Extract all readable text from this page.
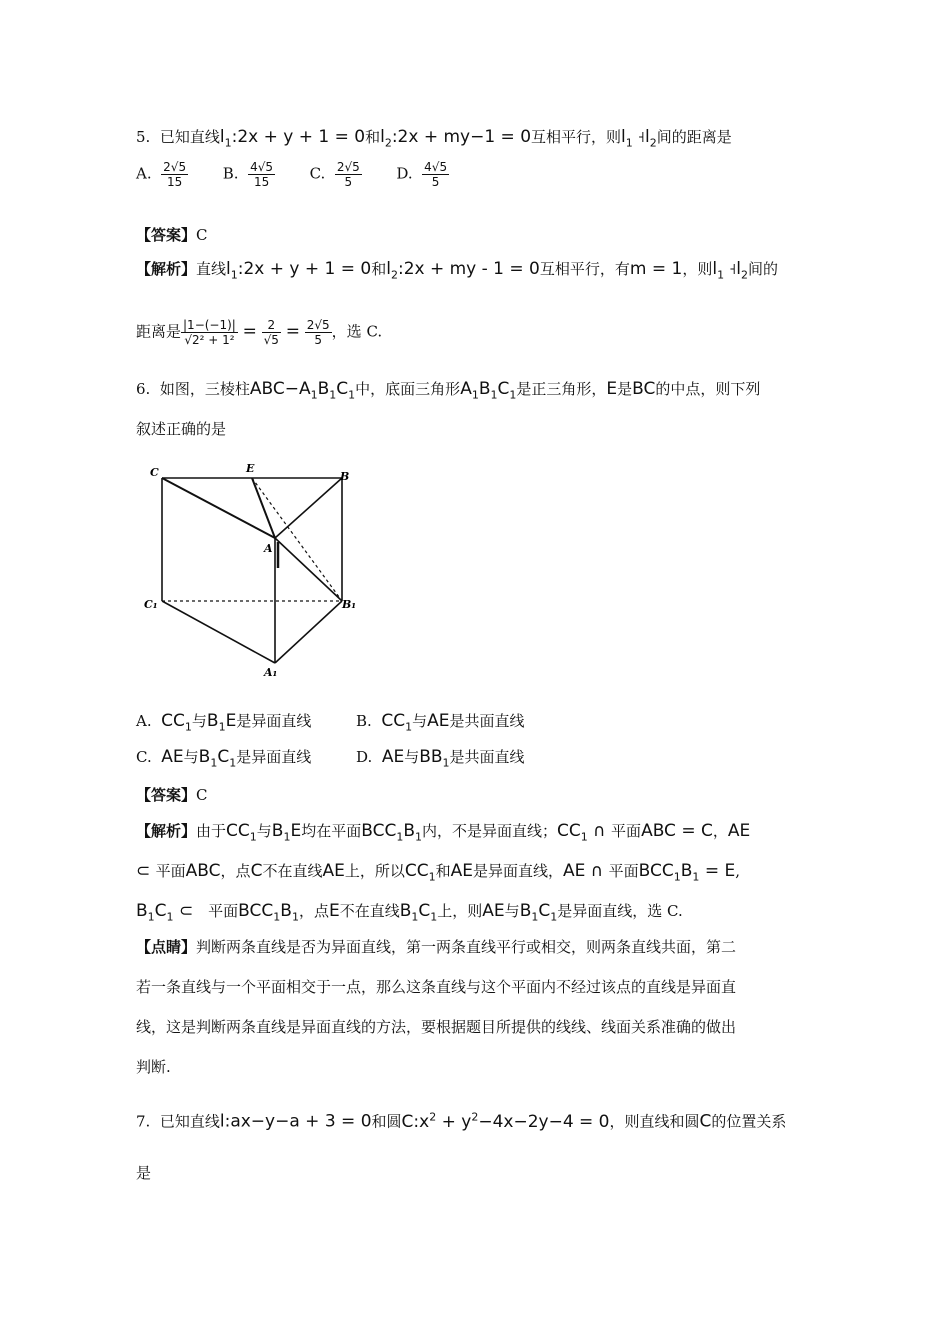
5. 已知直线$l_1:2x + y + 1 = 0$和$l_2:2x + my-1 = 0$互相平行，则$l_1$ $˧l_2$间的距离是
A. $\frac{2√5}{15} B$. $\frac{4√5}{15} C$. $\frac{2√5}{5} D$. $\frac{4√5}{5}$
【答案】C
【解析】直线$l_1:2x + y + 1 = 0$和$l_2:2x$ + my - 1 = 0互相平行，有m = 1，则$l_1$ $˧l_2$间的
距离是 $\frac{|1-(-1)|}{\text{√2² + 1²}} = \frac{2}{√5} = \frac{2√5}{5}$ ，选 C.
6. 如图，三棱柱$ABC-A_1B_1C_1$中，底面三角形$A_1B_1C_1$是正三角形，E是BC的中点，则下列
叙述正确的是
C	E
B
A
C₁	B₁
A₁
A. $CC_1$与$B_1E$是异面直线	B. $CC_1$与AE是共面直线
C. AE与$B_1C_1$是异面直线	D. AE与$BB_1$是共面直线
【答案】C
【解析】由于$CC_1$与$B_1E$均在平面$BCC_1B_1$内，不是异面直线；$CC_1$ ∩ 平面ABC = C，AE
⊂ 平面ABC，点C不在直线AE上，所以$CC_1$和AE是异面直线，AE ∩ 平面$BCC_1B_1 = E$,
$B_1C_1$ ⊂   平面$BCC_1B_1$，点E不在直线$B_1C_1$上，则AE与$B_1C_1$是异面直线，选 C.
【点睛】判断两条直线是否为异面直线，第一两条直线平行或相交，则两条直线共面，第二
若一条直线与一个平面相交于一点，那么这条直线与这个平面内不经过该点的直线是异面直
线，这是判断两条直线是异面直线的方法，要根据题目所提供的线线、线面关系准确的做出
判断.
7. 已知直线l:ax−y−a + 3 = 0和圆$C:x^2 + y^2-4x-2y-4 = 0$，则直线和圆C的位置关系
是
